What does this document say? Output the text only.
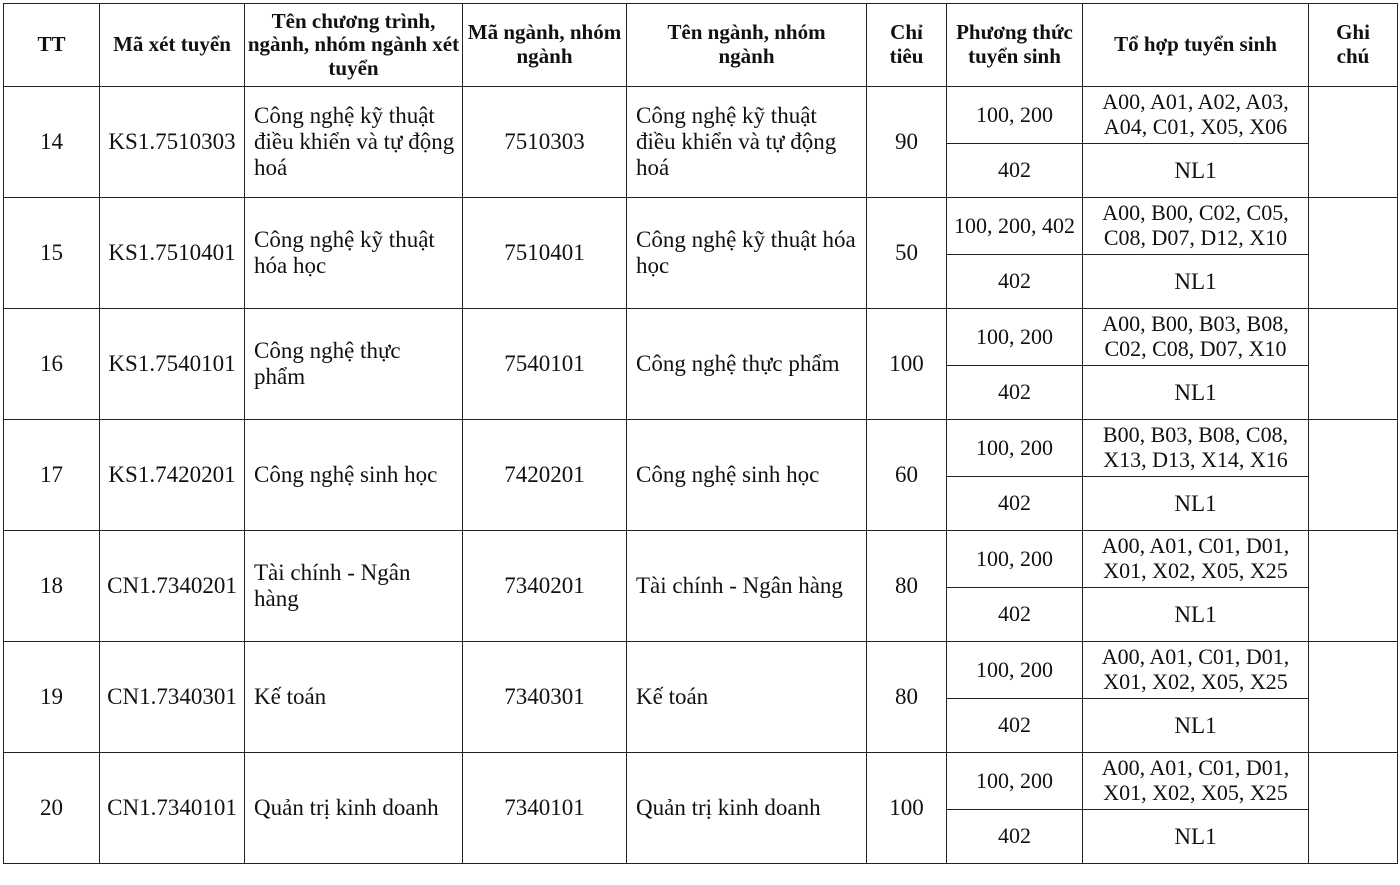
TT	Mã xét tuyển	Tên chương trình, ngành, nhóm ngành xét tuyển	Mã ngành, nhóm ngành	Tên ngành, nhóm ngành	Chỉ tiêu	Phương thức tuyển sinh	Tổ hợp tuyển sinh	Ghi chú
14	KS1.7510303	Công nghệ kỹ thuật điều khiển và tự động hoá	7510303	Công nghệ kỹ thuật điều khiển và tự động hoá	90	100, 200	A00, A01, A02, A03, A04, C01, X05, X06	
						402	NL1	
15	KS1.7510401	Công nghệ kỹ thuật hóa học	7510401	Công nghệ kỹ thuật hóa học	50	100, 200, 402	A00, B00, C02, C05, C08, D07, D12, X10	
						402	NL1	
16	KS1.7540101	Công nghệ thực phẩm	7540101	Công nghệ thực phẩm	100	100, 200	A00, B00, B03, B08, C02, C08, D07, X10	
						402	NL1	
17	KS1.7420201	Công nghệ sinh học	7420201	Công nghệ sinh học	60	100, 200	B00, B03, B08, C08, X13, D13, X14, X16	
						402	NL1	
18	CN1.7340201	Tài chính - Ngân hàng	7340201	Tài chính - Ngân hàng	80	100, 200	A00, A01, C01, D01, X01, X02, X05, X25	
						402	NL1	
19	CN1.7340301	Kế toán	7340301	Kế toán	80	100, 200	A00, A01, C01, D01, X01, X02, X05, X25	
						402	NL1	
20	CN1.7340101	Quản trị kinh doanh	7340101	Quản trị kinh doanh	100	100, 200	A00, A01, C01, D01, X01, X02, X05, X25	
						402	NL1	
